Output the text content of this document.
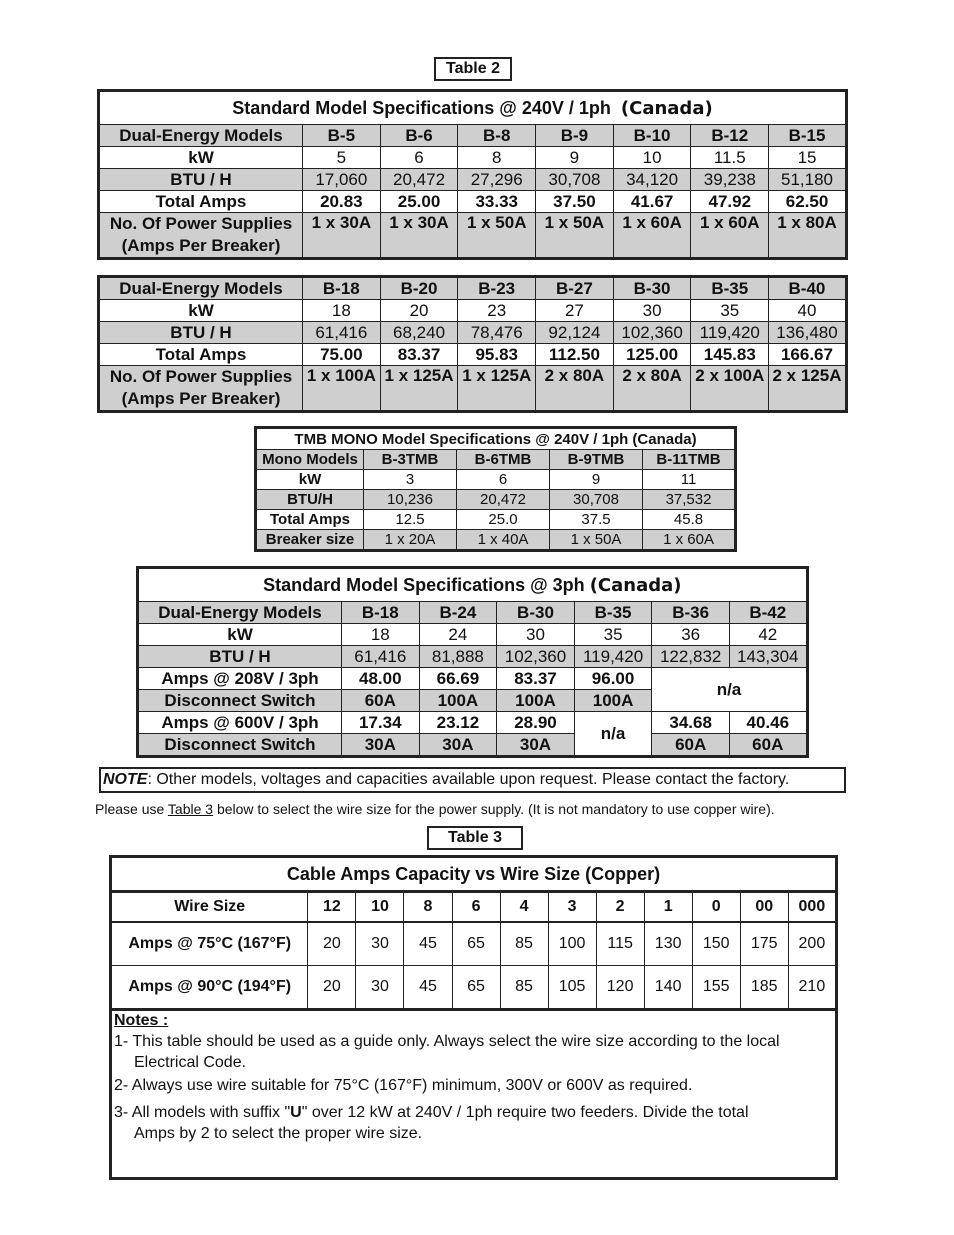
Table 2
Standard Model Specifications @ 240V / 1ph (Canada)							
Dual-Energy Models	B-5	B-6	B-8	B-9	B-10	B-12	B-15
kW	5	6	8	9	10	11.5	15
BTU / H	17,060	20,472	27,296	30,708	34,120	39,238	51,180
Total Amps	20.83	25.00	33.33	37.50	41.67	47.92	62.50
No. Of Power Supplies
(Amps Per Breaker)	1 x 30A	1 x 30A	1 x 50A	1 x 50A	1 x 60A	1 x 60A	1 x 80A
Dual-Energy Models	B-18	B-20	B-23	B-27	B-30	B-35	B-40
kW	18	20	23	27	30	35	40
BTU / H	61,416	68,240	78,476	92,124	102,360	119,420	136,480
Total Amps	75.00	83.37	95.83	112.50	125.00	145.83	166.67
No. Of Power Supplies
(Amps Per Breaker)	1 x 100A	1 x 125A	1 x 125A	2 x 80A	2 x 80A	2 x 100A	2 x 125A
TMB MONO Model Specifications @ 240V / 1ph (Canada)				
Mono Models	B-3TMB	B-6TMB	B-9TMB	B-11TMB
kW	3	6	9	11
BTU/H	10,236	20,472	30,708	37,532
Total Amps	12.5	25.0	37.5	45.8
Breaker size	1 x 20A	1 x 40A	1 x 50A	1 x 60A
Standard Model Specifications @ 3ph (Canada)						
Dual-Energy Models	B-18	B-24	B-30	B-35	B-36	B-42
kW	18	24	30	35	36	42
BTU / H	61,416	81,888	102,360	119,420	122,832	143,304
Amps @ 208V / 3ph	48.00	66.69	83.37	96.00	n/a	
Disconnect Switch	60A	100A	100A	100A		
Amps @ 600V / 3ph	17.34	23.12	28.90	n/a	34.68	40.46
Disconnect Switch	30A	30A	30A		60A	60A
NOTE: Other models, voltages and capacities available upon request. Please contact the factory.
Please use Table 3 below to select the wire size for the power supply. (It is not mandatory to use copper wire).
Table 3
Cable Amps Capacity vs Wire Size (Copper)											
Wire Size	12	10	8	6	4	3	2	1	0	00	000
Amps @ 75°C (167°F)	20	30	45	65	85	100	115	130	150	175	200
Amps @ 90°C (194°F)	20	30	45	65	85	105	120	140	155	185	210

Notes :

1- This table should be used as a guide only. Always select the wire size according to the local

Electrical Code.

2- Always use wire suitable for 75°C (167°F) minimum, 300V or 600V as required.

3- All models with suffix "U" over 12 kW at 240V / 1ph require two feeders. Divide the total

Amps by 2 to select the proper wire size.
